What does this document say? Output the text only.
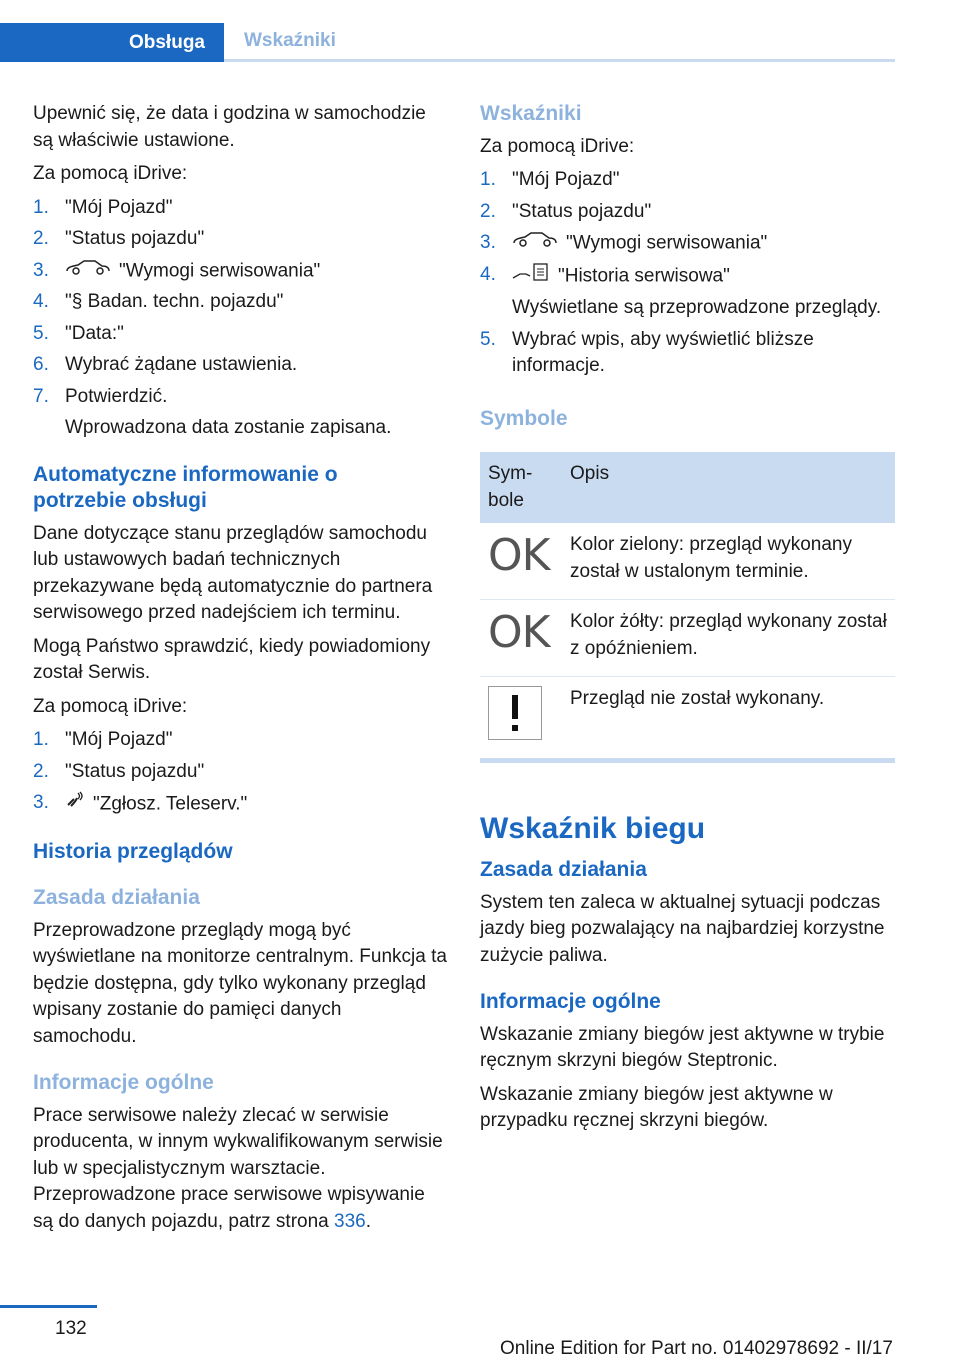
Obsługa	Wskaźniki

Upewnić się, że data i godzina w samochodzie są właściwie ustawione.

Za pomocą iDrive:

1. "Mój Pojazd"
2. "Status pojazdu"
3.	"Wymogi serwisowania"
4. "§ Badan. techn. pojazdu"
5. "Data:"
6. Wybrać żądane ustawienia.
7. Potwierdzić.
Wprowadzona data zostanie zapisana.
Automatyczne informowanie o potrzebie obsługi

Dane dotyczące stanu przeglądów samochodu lub ustawowych badań technicznych przekazywane będą automatycznie do partnera serwisowego przed nadejściem ich terminu.

Mogą Państwo sprawdzić, kiedy powiadomiony został Serwis.

Za pomocą iDrive:

1. "Mój Pojazd"
2. "Status pojazdu"
3. "Zgłosz. Teleserv."
Historia przeglądów
Zasada działania

Przeprowadzone przeglądy mogą być wyświetlane na monitorze centralnym. Funkcja ta będzie dostępna, gdy tylko wykonany przegląd wpisany zostanie do pamięci danych samochodu.

Informacje ogólne

Prace serwisowe należy zlecać w serwisie producenta, w innym wykwalifikowanym serwisie lub w specjalistycznym warsztacie. Przeprowadzone prace serwisowe wpisywanie są do danych pojazdu, patrz strona 336.

Wskaźniki

Za pomocą iDrive:

1. "Mój Pojazd"
2. "Status pojazdu"
3.	"Wymogi serwisowania"
4.	"Historia serwisowa"
Wyświetlane są przeprowadzone przeglądy.
5. Wybrać wpis, aby wyświetlić bliższe informacje.
Symbole
Sym-bole	Opis
OK	Kolor zielony: przegląd wykonany został w ustalonym terminie.
OK	Kolor żółty: przegląd wykonany został z opóźnieniem.

	Przegląd nie został wykonany.
Wskaźnik biegu
Zasada działania

System ten zaleca w aktualnej sytuacji podczas jazdy bieg pozwalający na najbardziej korzystne zużycie paliwa.

Informacje ogólne

Wskazanie zmiany biegów jest aktywne w trybie ręcznym skrzyni biegów Steptronic.

Wskazanie zmiany biegów jest aktywne w przypadku ręcznej skrzyni biegów.

132
Online Edition for Part no. 01402978692 - II/17
